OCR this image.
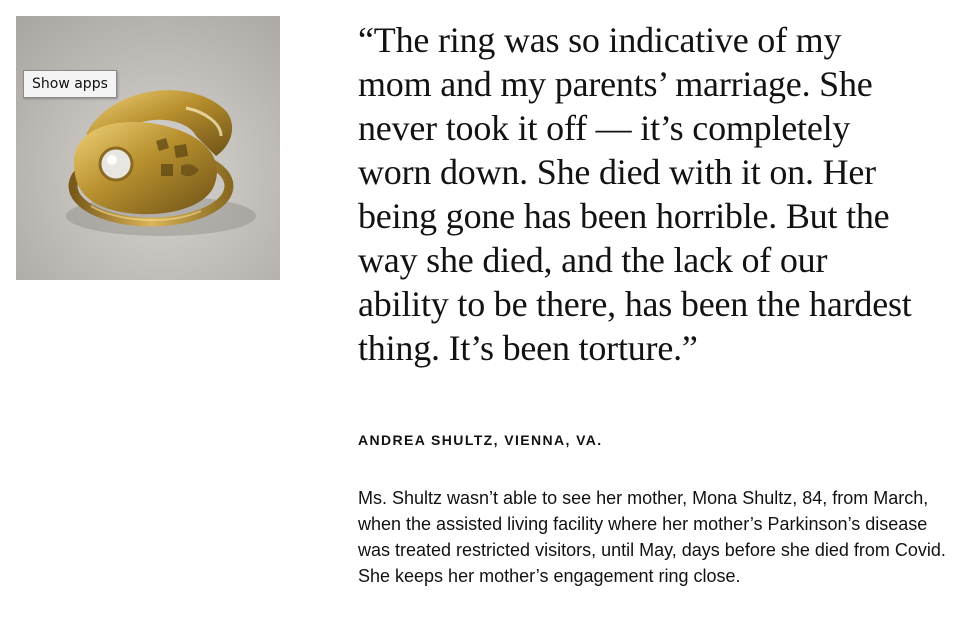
Show apps

“The ring was so indicative of my mom and my parents’ marriage. She never took it off — it’s completely worn down. She died with it on. Her being gone has been horrible. But the way she died, and the lack of our ability to be there, has been the hardest thing. It’s been torture.”

ANDREA SHULTZ, VIENNA, VA.

Ms. Shultz wasn’t able to see her mother, Mona Shultz, 84, from March, when the assisted living facility where her mother’s Parkinson’s disease was treated restricted visitors, until May, days before she died from Covid. She keeps her mother’s engagement ring close.
